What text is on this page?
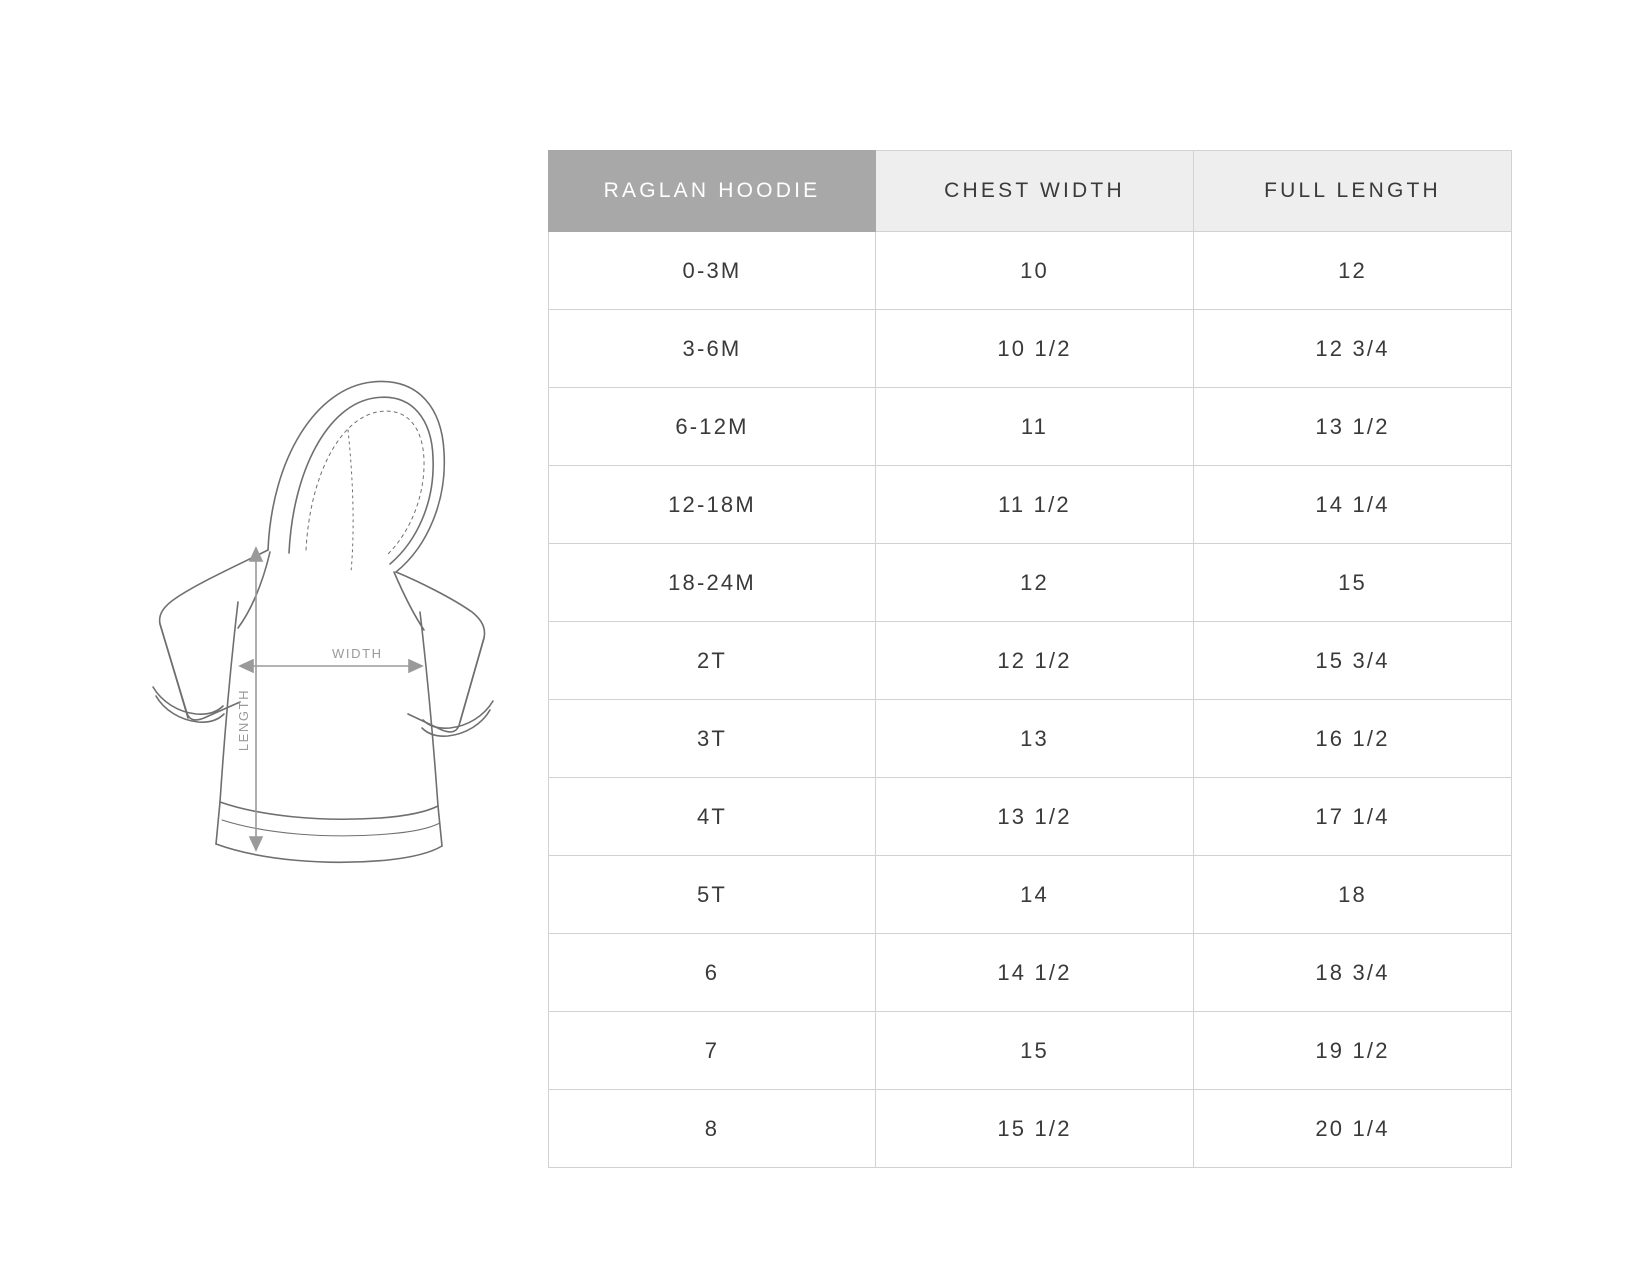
WIDTH
LENGTH
RAGLAN HOODIE	CHEST WIDTH	FULL LENGTH
0-3M	10	12
3-6M	10 1/2	12 3/4
6-12M	11	13 1/2
12-18M	11 1/2	14 1/4
18-24M	12	15
2T	12 1/2	15 3/4
3T	13	16 1/2
4T	13 1/2	17 1/4
5T	14	18
6	14 1/2	18 3/4
7	15	19 1/2
8	15 1/2	20 1/4
